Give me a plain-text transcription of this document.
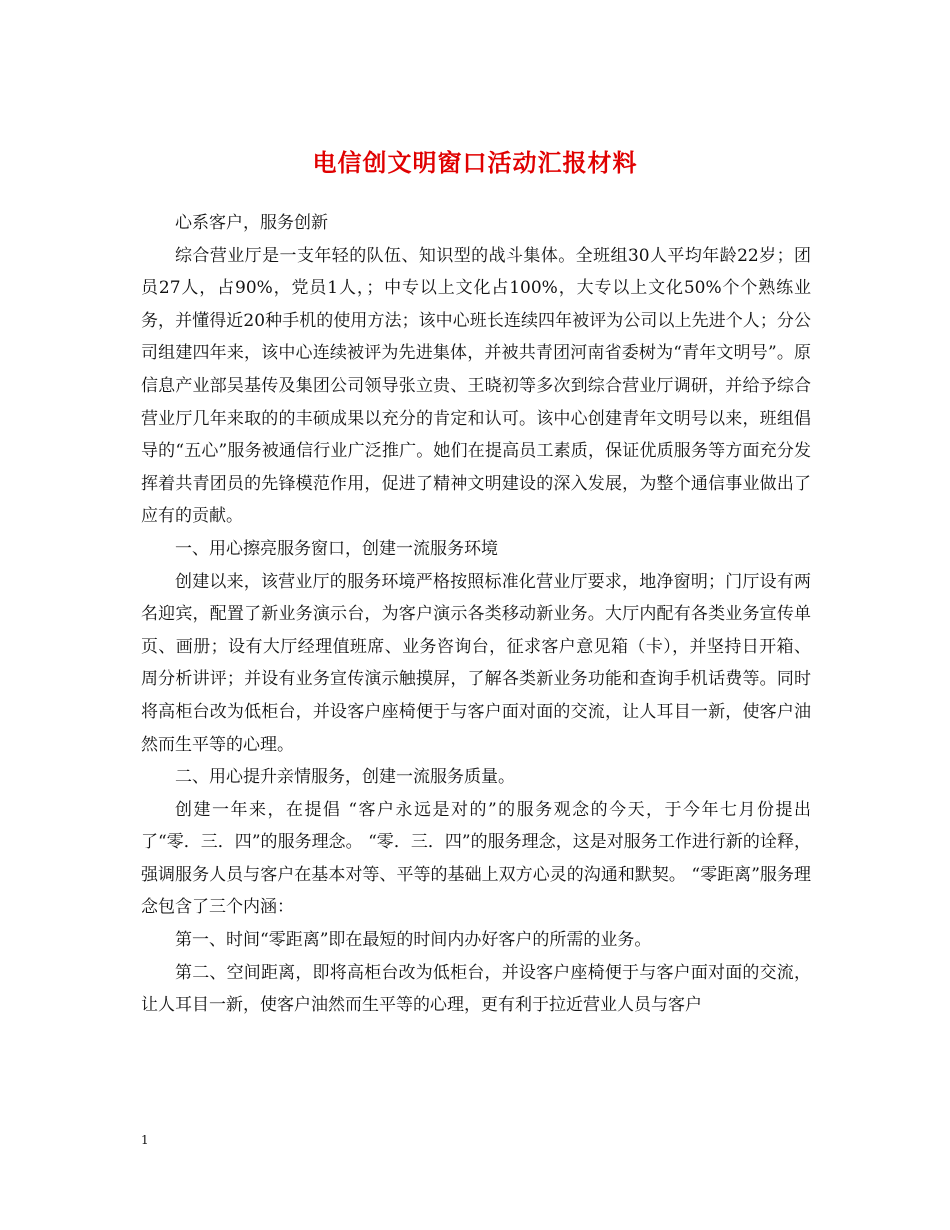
电信创文明窗口活动汇报材料

心系客户，服务创新

综合营业厅是一支年轻的队伍、知识型的战斗集体。全班组30人平均年龄22岁；团员27人，占90%，党员1人，；中专以上文化占100%，大专以上文化50%个个熟练业务，并懂得近20种手机的使用方法；该中心班长连续四年被评为公司以上先进个人；分公司组建四年来，该中心连续被评为先进集体，并被共青团河南省委树为“青年文明号”。原信息产业部吴基传及集团公司领导张立贵、王晓初等多次到综合营业厅调研，并给予综合营业厅几年来取的的丰硕成果以充分的肯定和认可。该中心创建青年文明号以来，班组倡导的“五心”服务被通信行业广泛推广。她们在提高员工素质，保证优质服务等方面充分发挥着共青团员的先锋模范作用，促进了精神文明建设的深入发展，为整个通信事业做出了应有的贡献。

一、用心擦亮服务窗口，创建一流服务环境

创建以来，该营业厅的服务环境严格按照标准化营业厅要求，地净窗明；门厅设有两名迎宾，配置了新业务演示台，为客户演示各类移动新业务。大厅内配有各类业务宣传单页、画册；设有大厅经理值班席、业务咨询台，征求客户意见箱（卡），并坚持日开箱、周分析讲评；并设有业务宣传演示触摸屏，了解各类新业务功能和查询手机话费等。同时将高柜台改为低柜台，并设客户座椅便于与客户面对面的交流，让人耳目一新，使客户油然而生平等的心理。

二、用心提升亲情服务，创建一流服务质量。

创建一年来，在提倡 “客户永远是对的”的服务观念的今天，于今年七月份提出了“零．三．四”的服务理念。 “零．三．四”的服务理念，这是对服务工作进行新的诠释，强调服务人员与客户在基本对等、平等的基础上双方心灵的沟通和默契。 “零距离”服务理念包含了三个内涵：

第一、时间“零距离”即在最短的时间内办好客户的所需的业务。

第二、空间距离，即将高柜台改为低柜台，并设客户座椅便于与客户面对面的交流，让人耳目一新，使客户油然而生平等的心理，更有利于拉近营业人员与客户

1
